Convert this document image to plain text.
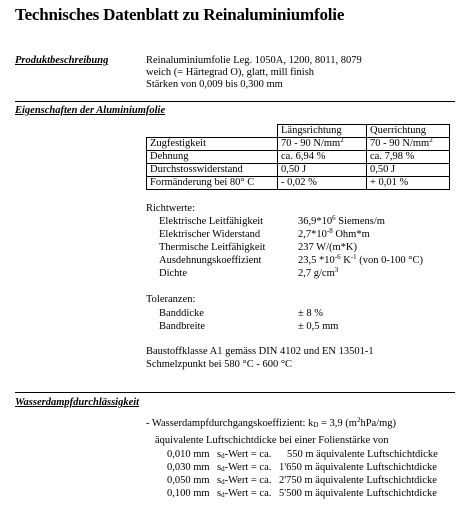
Technisches Datenblatt zu Reinaluminiumfolie
Produktbeschreibung	Reinaluminiumfolie Leg. 1050A, 1200, 8011, 8079
weich (= Härtegrad O), glatt, mill finish
Stärken von 0,009 bis 0,300 mm
Eigenschaften der Aluminiumfolie
	Längsrichtung	Querrichtung
Zugfestigkeit	70 - 90 $N/mm^2$	70 - 90 $N/mm^2$
Dehnung	ca. 6,94 %	ca. 7,98 %
Durchstosswiderstand	0,50 J	0,50 J
Formänderung bei 80° C	- 0,02 %	+ 0,01 %
Richtwerte:
Elektrische Leitfähigkeit	$36,9*10^6$ Siemens/m
Elektrischer Widerstand	$2,7*10^{-8}$ Ohm*m
Thermische Leitfähigkeit	237 W/(m*K)
Ausdehnungskoeffizient	23,5 $*10^{-6}$ $K^{-1}$ (von 0-100 °C)
Dichte	2,7 $g/cm^3$
Toleranzen:
Banddicke	± 8 %
Bandbreite	± 0,5 mm
Baustoffklasse A1 gemäss DIN 4102 und EN 13501-1
Schmelzpunkt bei 580 °C - 600 °C
Wasserdampfdurchlässigkeit
- Wasserdampfdurchgangskoeffizient: $k_D = 3,9$ $(m^2hPa/mg)$
äquivalente Luftschichtdicke bei einer Folienstärke von
0,010 mm $s_d$-Wert = ca. 550 m äquivalente Luftschichtdicke
0,030 mm $s_d$-Wert = ca. 1'650 m äquivalente Luftschichtdicke
0,050 mm $s_d$-Wert = ca. 2'750 m äquivalente Luftschichtdicke
0,100 mm $s_d$-Wert = ca. 5'500 m äquivalente Luftschichtdicke
